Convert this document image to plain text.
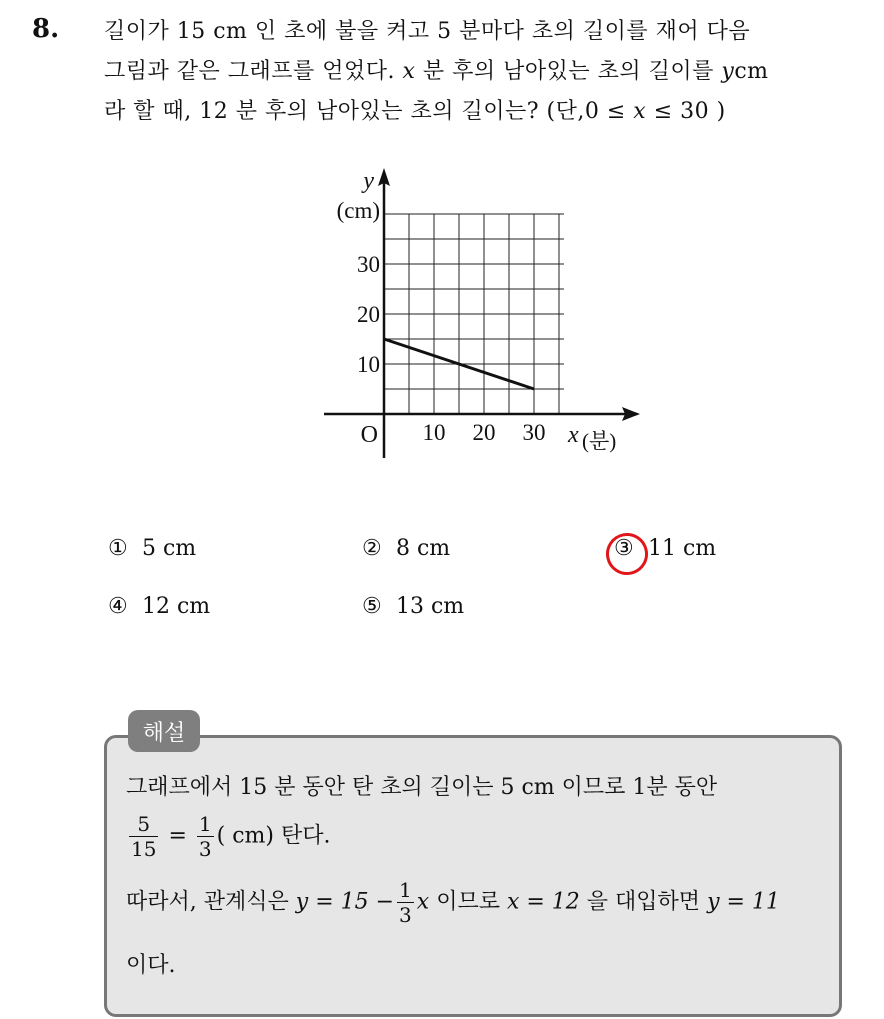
8. 길이가 15 cm 인 초에 불을 켜고 5 분마다 초의 길이를 재어 다음
그림과 같은 그래프를 얻었다. x 분 후의 남아있는 초의 길이를 ycm
라 할 때, 12 분 후의 남아있는 초의 길이는? (단,0 ≤ x ≤ 30 )
10 20 30
10
20
30
O	x (분)
y
(cm)
① 5 cm	② 8 cm	③ 11 cm
④ 12 cm	⑤ 13 cm
해설
그래프에서 15 분 동안 탄 초의 길이는 5 cm 이므로 1분 동안
$\frac{5}{15} = \frac{1}{3}$ ( cm) 탄다.
따라서, 관계식은 $y = 15 - \frac{1}{3}$ x 이므로 x = 12 을 대입하면 y = 11
이다.
